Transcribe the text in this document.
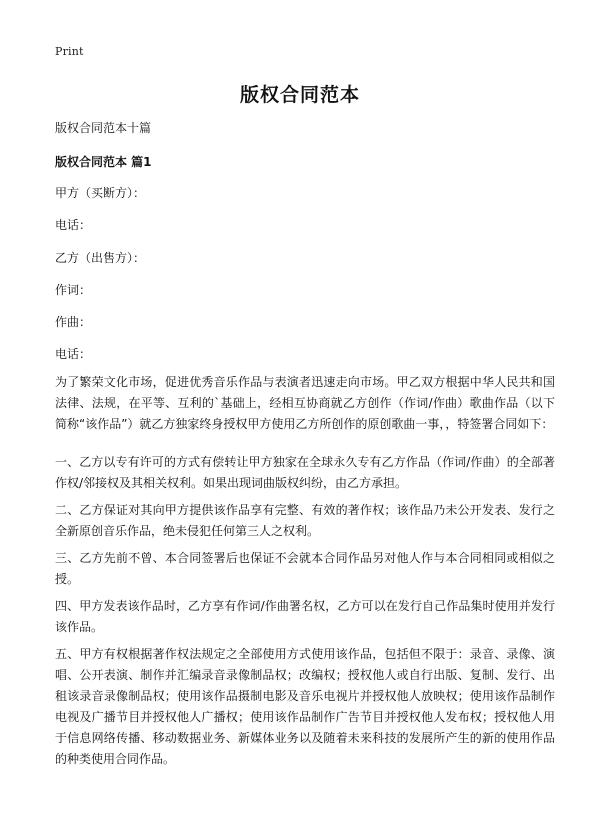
Print
版权合同范本
版权合同范本十篇
版权合同范本 篇1
甲方（买断方）：
电话：
乙方（出售方）：
作词：
作曲：
电话：

为了繁荣文化市场，促进优秀音乐作品与表演者迅速走向市场。甲乙双方根据中华人民共和国法律、法规，在平等、互利的`基础上，经相互协商就乙方创作（作词/作曲）歌曲作品（以下简称“该作品”）就乙方独家终身授权甲方使用乙方所创作的原创歌曲一事，，特签署合同如下：

一、乙方以专有许可的方式有偿转让甲方独家在全球永久专有乙方作品（作词/作曲）的全部著作权/邻接权及其相关权利。如果出现词曲版权纠纷，由乙方承担。

二、乙方保证对其向甲方提供该作品享有完整、有效的著作权；该作品乃未公开发表、发行之全新原创音乐作品，绝未侵犯任何第三人之权利。

三、乙方先前不曾、本合同签署后也保证不会就本合同作品另对他人作与本合同相同或相似之授。

四、甲方发表该作品时，乙方享有作词/作曲署名权，乙方可以在发行自己作品集时使用并发行该作品。

五、甲方有权根据著作权法规定之全部使用方式使用该作品，包括但不限于：录音、录像、演唱、公开表演、制作并汇编录音录像制品权；改编权；授权他人或自行出版、复制、发行、出租该录音录像制品权；使用该作品摄制电影及音乐电视片并授权他人放映权；使用该作品制作电视及广播节目并授权他人广播权；使用该作品制作广告节目并授权他人发布权；授权他人用于信息网络传播、移动数据业务、新媒体业务以及随着未来科技的发展所产生的新的使用作品的种类使用合同作品。
